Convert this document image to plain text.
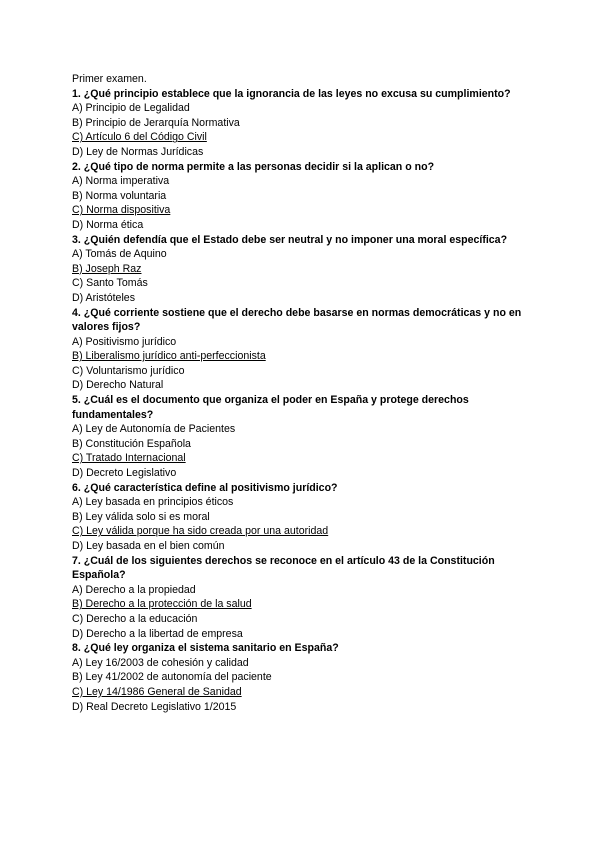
Primer examen.

1. ¿Qué principio establece que la ignorancia de las leyes no excusa su cumplimiento?

A) Principio de Legalidad

B) Principio de Jerarquía Normativa

C) Artículo 6 del Código Civil

D) Ley de Normas Jurídicas

2. ¿Qué tipo de norma permite a las personas decidir si la aplican o no?

A) Norma imperativa

B) Norma voluntaria

C) Norma dispositiva

D) Norma ética

3. ¿Quién defendía que el Estado debe ser neutral y no imponer una moral específica?

A) Tomás de Aquino

B) Joseph Raz

C) Santo Tomás

D) Aristóteles

4. ¿Qué corriente sostiene que el derecho debe basarse en normas democráticas y no en valores fijos?

A) Positivismo jurídico

B) Liberalismo jurídico anti-perfeccionista

C) Voluntarismo jurídico

D) Derecho Natural

5. ¿Cuál es el documento que organiza el poder en España y protege derechos fundamentales?

A) Ley de Autonomía de Pacientes

B) Constitución Española

C) Tratado Internacional

D) Decreto Legislativo

6. ¿Qué característica define al positivismo jurídico?

A) Ley basada en principios éticos

B) Ley válida solo si es moral

C) Ley válida porque ha sido creada por una autoridad

D) Ley basada en el bien común

7. ¿Cuál de los siguientes derechos se reconoce en el artículo 43 de la Constitución Española?

A) Derecho a la propiedad

B) Derecho a la protección de la salud

C) Derecho a la educación

D) Derecho a la libertad de empresa

8. ¿Qué ley organiza el sistema sanitario en España?

A) Ley 16/2003 de cohesión y calidad

B) Ley 41/2002 de autonomía del paciente

C) Ley 14/1986 General de Sanidad

D) Real Decreto Legislativo 1/2015
